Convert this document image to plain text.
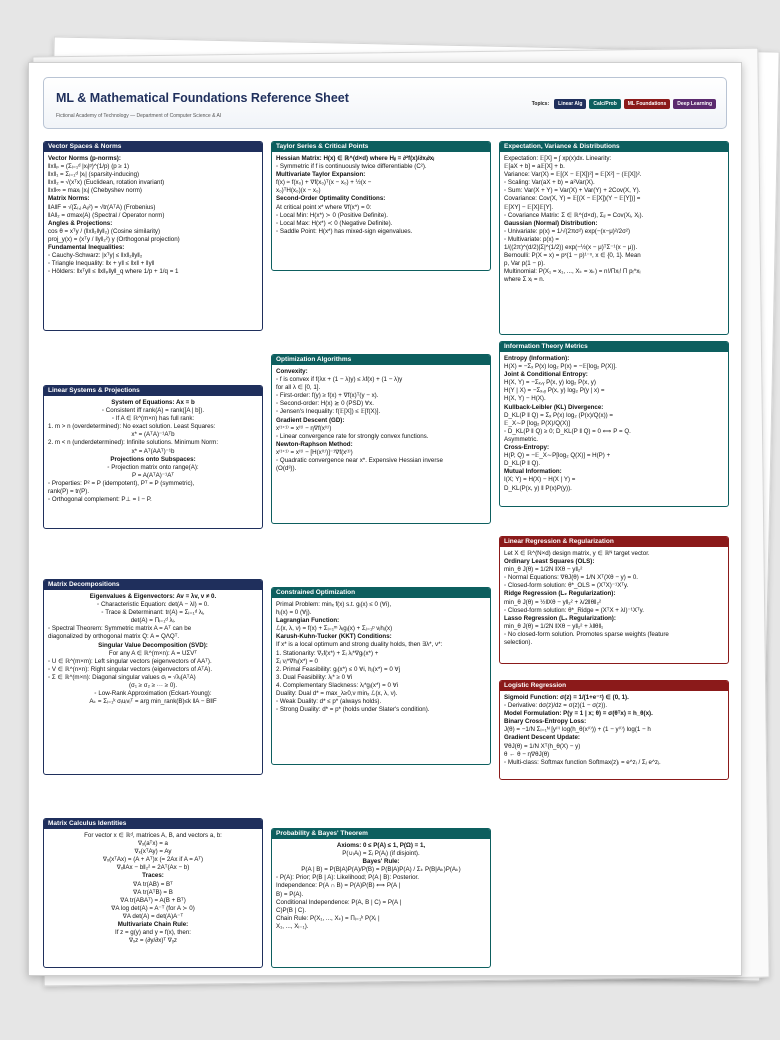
ML & Mathematical Foundations Reference Sheet
Fictional Academy of Technology — Department of Computer Science & AI
Topics:	Linear Alg	Calc/Prob	ML Foundations	Deep Learning
Vector Spaces & Norms
Vector Norms (p-norms):
‖x‖ₚ = (Σᵢ₌₁ᵈ |xᵢ|ᵖ)^(1/p) (p ≥ 1)
‖x‖₁ = Σᵢ₌₁ᵈ |xᵢ| (sparsity-inducing)
‖x‖₂ = √(xᵀx) (Euclidean, rotation invariant)
‖x‖∞ = maxᵢ |xᵢ| (Chebyshev norm)
Matrix Norms:
‖A‖F = √(Σᵢ,ⱼ Aᵢⱼ²) = √tr(AᵀA) (Frobenius)
‖A‖₂ = σmax(A) (Spectral / Operator norm)
Angles & Projections:
cos θ = xᵀy / (‖x‖₂‖y‖₂) (Cosine similarity)
proj_y(x) = (xᵀy / ‖y‖₂²) y (Orthogonal projection)
Fundamental Inequalities:
◦ Cauchy-Schwarz: |xᵀy| ≤ ‖x‖₂‖y‖₂
◦ Triangle Inequality: ‖x + y‖ ≤ ‖x‖ + ‖y‖
◦ Hölders: ‖xᵀy‖ ≤ ‖x‖ₚ‖y‖_q where 1/p + 1/q = 1
Linear Systems & Projections
System of Equations: Ax = b
◦ Consistent iff rank(A) = rank([A | b]).
◦ If A ∈ ℝ^(m×n) has full rank:
1. m > n (overdetermined): No exact solution. Least Squares:
x* = (AᵀA)⁻¹Aᵀb
2. m < n (underdetermined): Infinite solutions. Minimum Norm:
x* = Aᵀ(AAᵀ)⁻¹b
Projections onto Subspaces:
◦ Projection matrix onto range(A):
P = A(AᵀA)⁻¹Aᵀ
◦ Properties: P² = P (idempotent), Pᵀ = P (symmetric),
rank(P) = tr(P).
◦ Orthogonal complement: P⊥ = I − P.
Matrix Decompositions
Eigenvalues & Eigenvectors: Av = λv, v ≠ 0.
◦ Characteristic Equation: det(A − λI) = 0.
◦ Trace & Determinant: tr(A) = Σᵢ₌₁ᵈ λᵢ,
det(A) = Πᵢ₌₁ᵈ λᵢ.
◦ Spectral Theorem: Symmetric matrix A = Aᵀ can be
diagonalized by orthogonal matrix Q: A = QΛQᵀ.
Singular Value Decomposition (SVD):
For any A ∈ ℝ^(m×n): A = UΣVᵀ
◦ U ∈ ℝ^(m×m): Left singular vectors (eigenvectors of AAᵀ).
◦ V ∈ ℝ^(n×n): Right singular vectors (eigenvectors of AᵀA).
◦ Σ ∈ ℝ^(m×n): Diagonal singular values σᵢ = √λᵢ(AᵀA)
(σ₁ ≥ σ₂ ≥ ··· ≥ 0).
◦ Low-Rank Approximation (Eckart-Young):
Aₖ = Σᵢ₌₁ᵏ σᵢuᵢvᵢᵀ = arg min_rank(B)≤k ‖A − B‖F
Matrix Calculus Identities
For vector x ∈ ℝᵈ, matrices A, B, and vectors a, b:
∇ₓ(aᵀx) = a
∇ₓ(xᵀAy) = Ay
∇ₓ(xᵀAx) = (A + Aᵀ)x (= 2Ax if A = Aᵀ)
∇ₓ‖Ax − b‖₂² = 2Aᵀ(Ax − b)
Traces:
∇A tr(AB) = Bᵀ
∇A tr(AᵀB) = B
∇A tr(ABAᵀ) = A(B + Bᵀ)
∇A log det(A) = A⁻ᵀ (for A ≻ 0)
∇A det(A) = det(A)A⁻ᵀ
Multivariate Chain Rule:
If z = g(y) and y = f(x), then:
∇ₓz = (∂y/∂x)ᵀ ∇ᵧz
Taylor Series & Critical Points
Hessian Matrix: H(x) ∈ ℝ^(d×d) where Hᵢⱼ = ∂²f(x)/∂xᵢ∂xⱼ
◦ Symmetric if f is continuously twice differentiable (C²).
Multivariate Taylor Expansion:
f(x) ≈ f(x₀) + ∇f(x₀)ᵀ(x − x₀) + ½(x −
x₀)ᵀH(x₀)(x − x₀)
Second-Order Optimality Conditions:
At critical point x* where ∇f(x*) = 0:
◦ Local Min: H(x*) ≻ 0 (Positive Definite).
◦ Local Max: H(x*) ≺ 0 (Negative Definite).
◦ Saddle Point: H(x*) has mixed-sign eigenvalues.
Optimization Algorithms
Convexity:
◦ f is convex if f(λx + (1 − λ)y) ≤ λf(x) + (1 − λ)y
for all λ ∈ [0, 1].
◦ First-order: f(y) ≥ f(x) + ∇f(x)ᵀ(y − x).
◦ Second-order: H(x) ⪰ 0 (PSD) ∀x.
◦ Jensen's Inequality: f(𝔼[X]) ≤ 𝔼[f(X)].
Gradient Descent (GD):
x⁽ᵗ⁺¹⁾ = x⁽ᵗ⁾ − η∇f(x⁽ᵗ⁾)
◦ Linear convergence rate for strongly convex functions.
Newton-Raphson Method:
x⁽ᵗ⁺¹⁾ = x⁽ᵗ⁾ − [H(x⁽ᵗ⁾)]⁻¹∇f(x⁽ᵗ⁾)
◦ Quadratic convergence near x*. Expensive Hessian inverse
(O(d³)).
Constrained Optimization
Primal Problem: minₓ f(x) s.t. gᵢ(x) ≤ 0 (∀i),
hⱼ(x) = 0 (∀j).
Lagrangian Function:
ℒ(x, λ, ν) = f(x) + Σᵢ₌₁ᵐ λᵢgᵢ(x) + Σⱼ₌₁ᵖ νⱼhⱼ(x)
Karush-Kuhn-Tucker (KKT) Conditions:
If x* is a local optimum and strong duality holds, then ∃λ*, ν*:
1. Stationarity: ∇ₓf(x*) + Σᵢ λᵢ*∇gᵢ(x*) +
Σⱼ νⱼ*∇hⱼ(x*) = 0
2. Primal Feasibility: gᵢ(x*) ≤ 0 ∀i, hⱼ(x*) = 0 ∀j
3. Dual Feasibility: λᵢ* ≥ 0 ∀i
4. Complementary Slackness: λᵢ*gᵢ(x*) = 0 ∀i
Duality: Dual d* = max_λ≥0,ν minₓ ℒ(x, λ, ν).
◦ Weak Duality: d* ≤ p* (always holds).
◦ Strong Duality: d* = p* (holds under Slater's condition).
Probability & Bayes' Theorem
Axioms: 0 ≤ P(A) ≤ 1, P(Ω) = 1,
P(∪ᵢAᵢ) = Σᵢ P(Aᵢ) (if disjoint).
Bayes' Rule:
P(A | B) = P(B|A)P(A)/P(B) = P(B|A)P(A) / Σₖ P(B|Aₖ)P(Aₖ)
◦ P(A): Prior; P(B | A): Likelihood; P(A | B): Posterior.
Independence: P(A ∩ B) = P(A)P(B) ⟺ P(A |
B) = P(A).
Conditional Independence: P(A, B | C) = P(A |
C)P(B | C).
Chain Rule: P(X₁, ..., Xₖ) = Πᵢ₌₁ᵏ P(Xᵢ |
X₁, ..., Xᵢ₋₁).
Expectation, Variance & Distributions
Expectation: 𝔼[X] = ∫ xp(x)dx. Linearity:
𝔼[aX + b] = a𝔼[X] + b.
Variance: Var(X) = 𝔼[(X − 𝔼[X])²] = 𝔼[X²] − (𝔼[X])².
◦ Scaling: Var(aX + b) = a²Var(X).
◦ Sum: Var(X + Y) = Var(X) + Var(Y) + 2Cov(X, Y).
Covariance: Cov(X, Y) = 𝔼[(X − 𝔼[X])(Y − 𝔼[Y])] =
𝔼[XY] − 𝔼[X]𝔼[Y].
◦ Covariance Matrix: Σ ∈ ℝ^(d×d), Σᵢⱼ = Cov(Xᵢ, Xⱼ).
Gaussian (Normal) Distribution:
◦ Univariate: p(x) = 1/√(2πσ²) exp(−(x−μ)²/2σ²)
◦ Multivariate: p(x) =
1/((2π)^(d/2)|Σ|^(1/2)) exp(−½(x − μ)ᵀΣ⁻¹(x − μ)).
Bernoulli: P(X = x) = pˣ(1 − p)¹⁻ˣ, x ∈ {0, 1}. Mean
p, Var p(1 − p).
Multinomial: P(X₁ = x₁, ..., Xₖ = xₖ) = n!/Πxᵢ! Π pᵢ^xᵢ
where Σ xᵢ = n.
Information Theory Metrics
Entropy (Information):
H(X) = −Σₓ P(x) log₂ P(x) = −𝔼[log₂ P(X)].
Joint & Conditional Entropy:
H(X, Y) = −Σₓ,ᵧ P(x, y) log₂ P(x, y)
H(Y | X) = −Σₓ,ᵧ P(x, y) log₂ P(y | x) =
H(X, Y) − H(X).
Kullback-Leibler (KL) Divergence:
D_KL(P ‖ Q) = Σₓ P(x) log₂ (P(x)/Q(x)) =
𝔼_X∼P [log₂ P(X)/Q(X)]
◦ D_KL(P ‖ Q) ≥ 0; D_KL(P ‖ Q) = 0 ⟺ P = Q.
Asymmetric.
Cross-Entropy:
H(P, Q) = −𝔼_X∼P[log₂ Q(X)] = H(P) +
D_KL(P ‖ Q).
Mutual Information:
I(X; Y) = H(X) − H(X | Y) =
D_KL(P(x, y) ‖ P(x)P(y)).
Linear Regression & Regularization
Let X ∈ ℝ^(N×d) design matrix, y ∈ ℝᴺ target vector.
Ordinary Least Squares (OLS):
min_θ J(θ) = 1/2N ‖Xθ − y‖₂²
◦ Normal Equations: ∇θJ(θ) = 1/N Xᵀ(Xθ − y) = 0.
◦ Closed-form solution: θ*_OLS = (XᵀX)⁻¹Xᵀy.
Ridge Regression (L₂ Regularization):
min_θ J(θ) = ½‖Xθ − y‖₂² + λ/2‖θ‖₂²
◦ Closed-form solution: θ*_Ridge = (XᵀX + λI)⁻¹Xᵀy.
Lasso Regression (L₁ Regularization):
min_θ J(θ) = 1/2N ‖Xθ − y‖₂² + λ‖θ‖₁
◦ No closed-form solution. Promotes sparse weights (feature
selection).
Logistic Regression
Sigmoid Function: σ(z) = 1/(1+e⁻ᶻ) ∈ (0, 1).
◦ Derivative: dσ(z)/dz = σ(z)(1 − σ(z)).
Model Formulation: P(y = 1 | x; θ) = σ(θᵀx) = h_θ(x).
Binary Cross-Entropy Loss:
J(θ) = −1/N Σᵢ₌₁ᴺ [y⁽ⁱ⁾ log(h_θ(x⁽ⁱ⁾)) + (1 − y⁽ⁱ⁾) log(1 − h
Gradient Descent Update:
∇θJ(θ) = 1/N Xᵀ(h_θ(X) − y)
θ ← θ − η∇θJ(θ)
◦ Multi-class: Softmax function Softmax(z)ᵢ = e^zᵢ / Σⱼ e^zⱼ.
